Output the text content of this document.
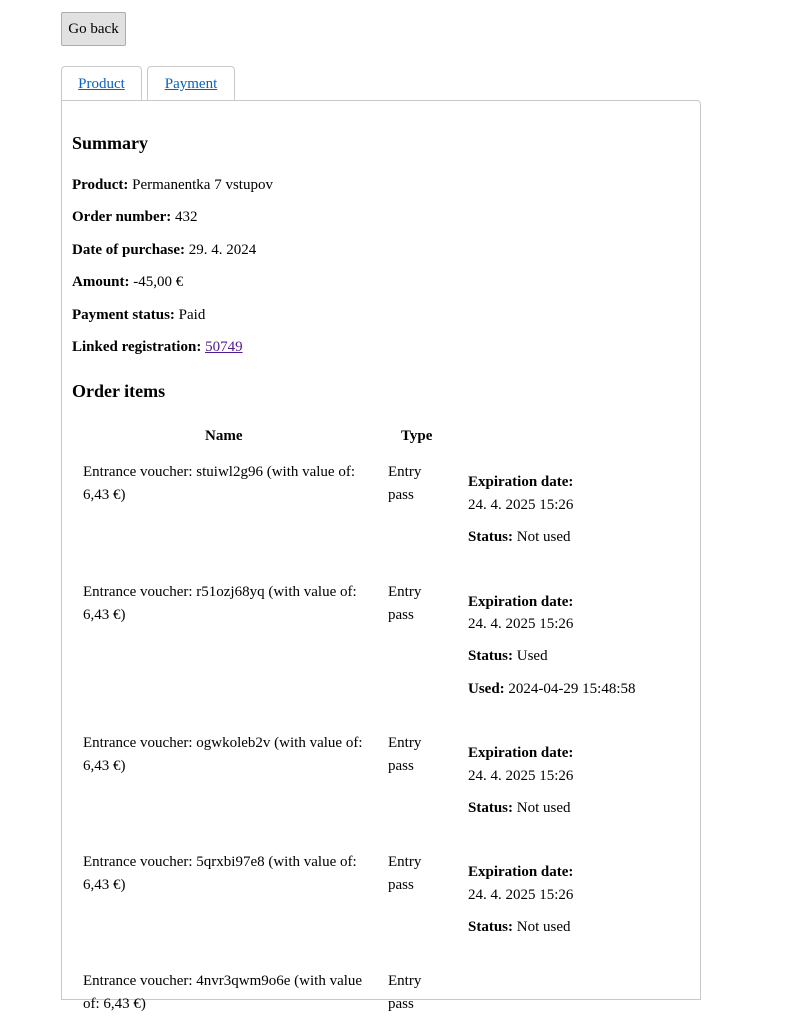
Go back
Product	Payment
Summary
Product: Permanentka 7 vstupov
Order number: 432
Date of purchase: 29. 4. 2024
Amount: -45,00 €
Payment status: Paid
Linked registration: 50749
Order items
Name	Type
Entrance voucher: stuiwl2g96 (with value of: 6,43 €)
Entry pass
Expiration date:
24. 4. 2025 15:26
Status: Not used
Entrance voucher: r51ozj68yq (with value of: 6,43 €)
Entry pass
Expiration date:
24. 4. 2025 15:26
Status: Used
Used: 2024-04-29 15:48:58
Entrance voucher: ogwkoleb2v (with value of: 6,43 €)
Entry pass
Expiration date:
24. 4. 2025 15:26
Status: Not used
Entrance voucher: 5qrxbi97e8 (with value of: 6,43 €)
Entry pass
Expiration date:
24. 4. 2025 15:26
Status: Not used
Entrance voucher: 4nvr3qwm9o6e (with value of: 6,43 €)
Entry pass
